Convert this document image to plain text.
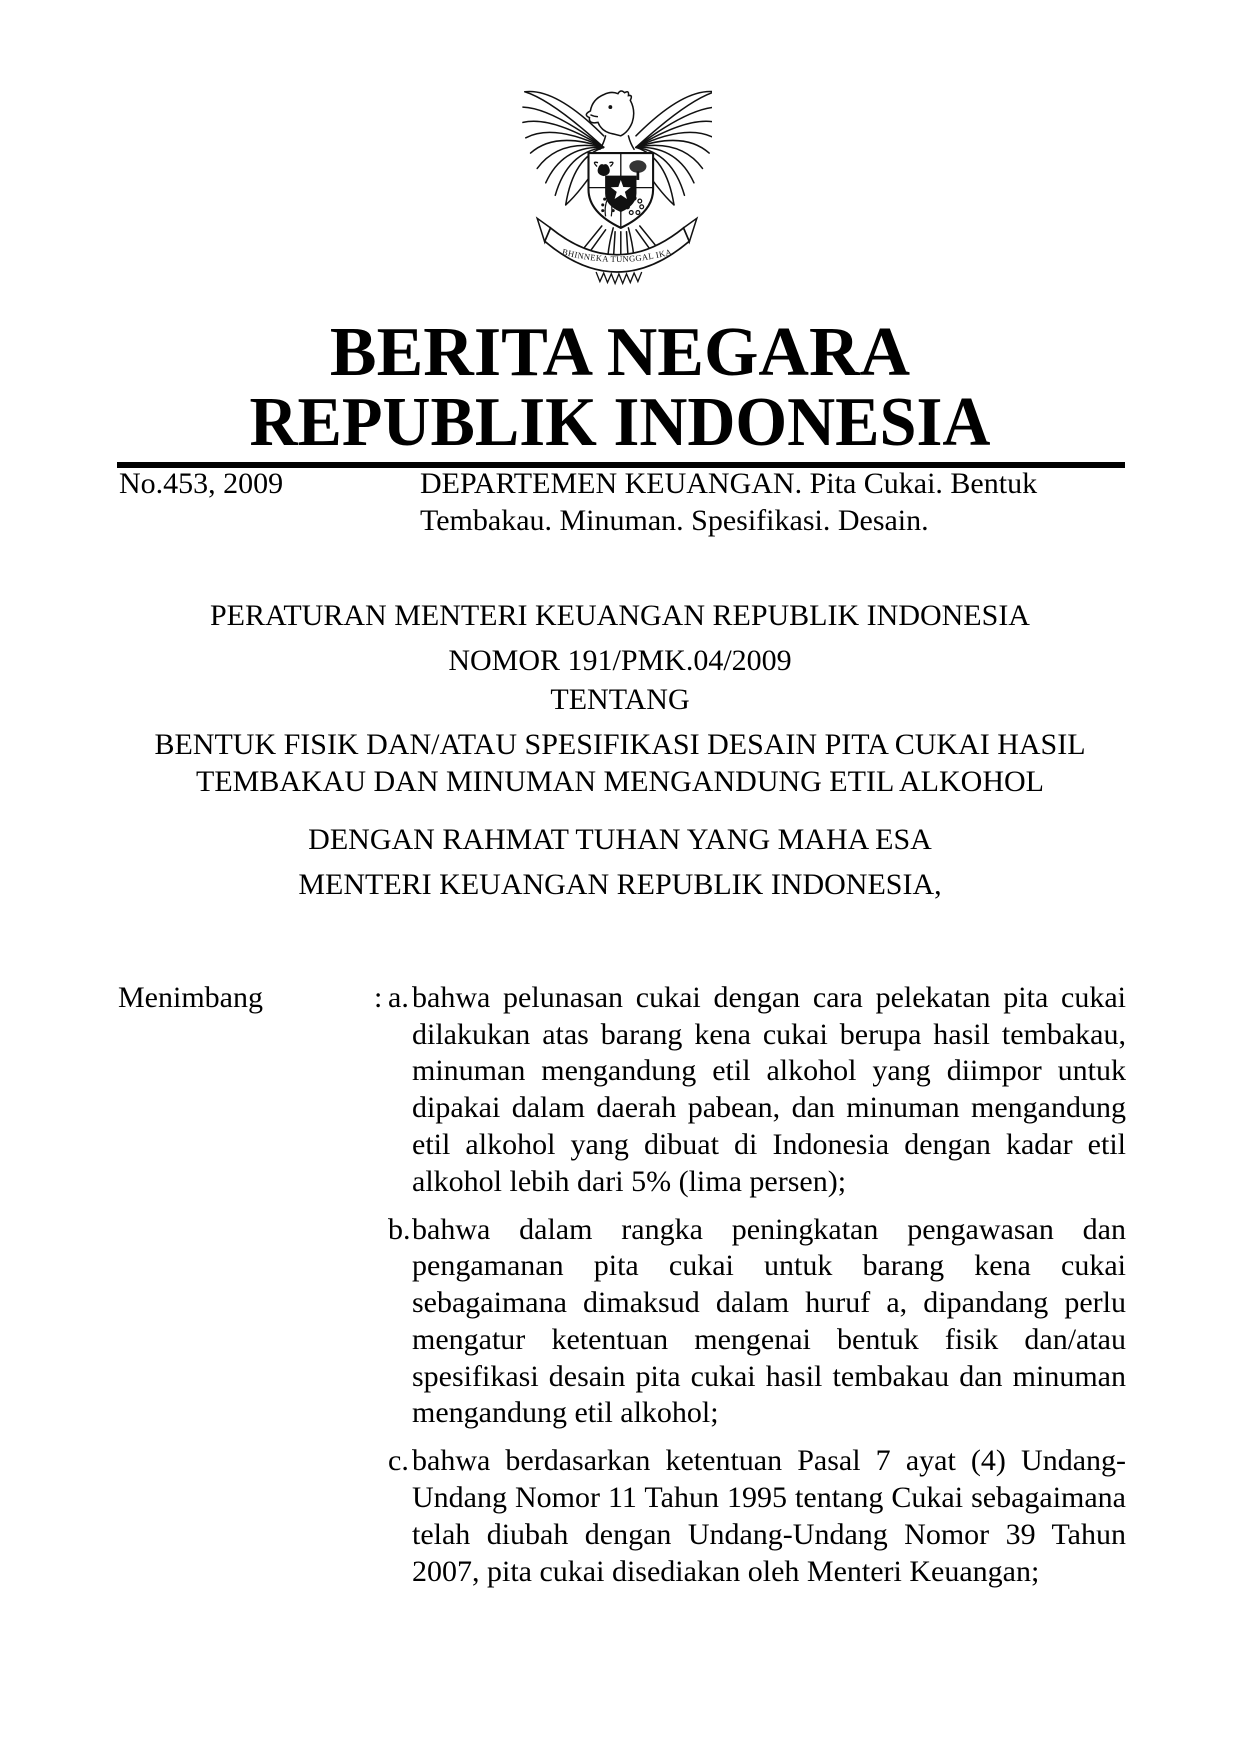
BHINNEKA TUNGGAL IKA
BERITA NEGARA
REPUBLIK INDONESIA
No.453, 2009	DEPARTEMEN KEUANGAN. Pita Cukai. Bentuk Tembakau. Minuman. Spesifikasi. Desain.
PERATURAN MENTERI KEUANGAN REPUBLIK INDONESIA
NOMOR 191/PMK.04/2009
TENTANG
BENTUK FISIK DAN/ATAU SPESIFIKASI DESAIN PITA CUKAI HASIL
TEMBAKAU DAN MINUMAN MENGANDUNG ETIL ALKOHOL
DENGAN RAHMAT TUHAN YANG MAHA ESA
MENTERI KEUANGAN REPUBLIK INDONESIA,
Menimbang	: a. bahwa pelunasan cukai dengan cara pelekatan pita cukai dilakukan atas barang kena cukai berupa hasil tembakau, minuman mengandung etil alkohol yang diimpor untuk dipakai dalam daerah pabean, dan minuman mengandung etil alkohol yang dibuat di Indonesia dengan kadar etil alkohol lebih dari 5% (lima persen);
b. bahwa dalam rangka peningkatan pengawasan dan pengamanan pita cukai untuk barang kena cukai sebagaimana dimaksud dalam huruf a, dipandang perlu mengatur ketentuan mengenai bentuk fisik dan/atau spesifikasi desain pita cukai hasil tembakau dan minuman mengandung etil alkohol;
c. bahwa berdasarkan ketentuan Pasal 7 ayat (4) Undang-Undang Nomor 11 Tahun 1995 tentang Cukai sebagaimana telah diubah dengan Undang-Undang Nomor 39 Tahun 2007, pita cukai disediakan oleh Menteri Keuangan;
